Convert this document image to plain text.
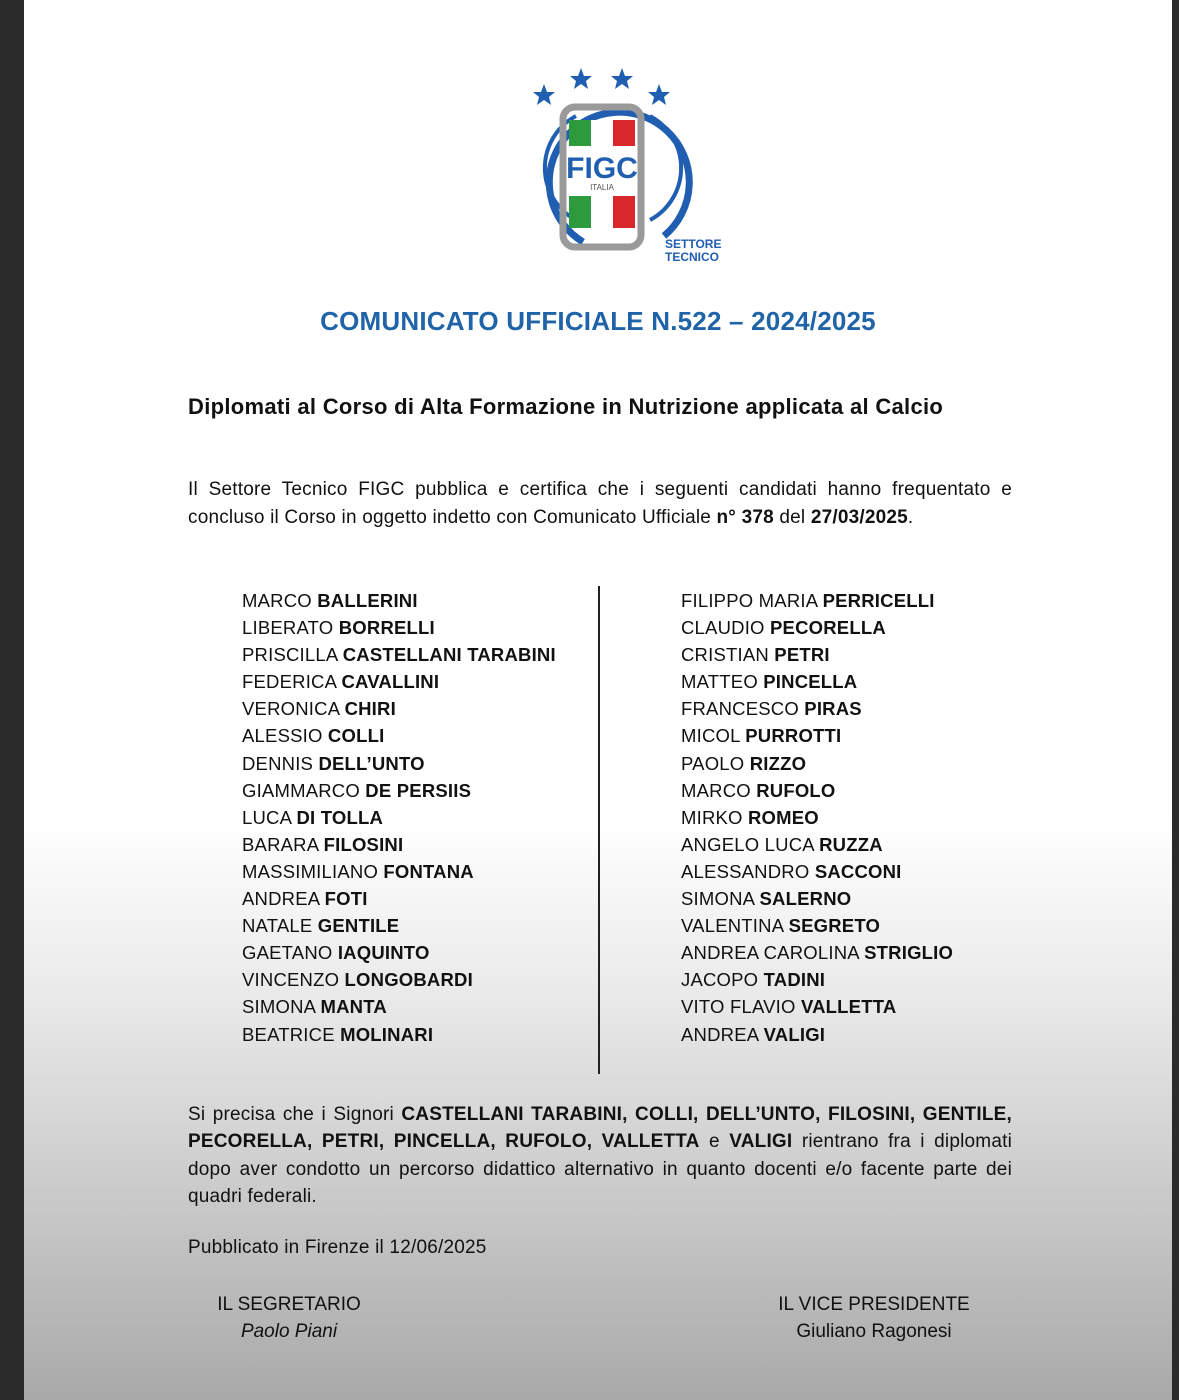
FIGC
ITALIA
SETTORE
TECNICO
COMUNICATO UFFICIALE N.522 – 2024/2025
Diplomati al Corso di Alta Formazione in Nutrizione applicata al Calcio
Il Settore Tecnico FIGC pubblica e certifica che i seguenti candidati hanno frequentato e concluso il Corso in oggetto indetto con Comunicato Ufficiale n° 378 del 27/03/2025.
MARCO BALLERINI
LIBERATO BORRELLI
PRISCILLA CASTELLANI TARABINI
FEDERICA CAVALLINI
VERONICA CHIRI
ALESSIO COLLI
DENNIS DELL’UNTO
GIAMMARCO DE PERSIIS
LUCA DI TOLLA
BARARA FILOSINI
MASSIMILIANO FONTANA
ANDREA FOTI
NATALE GENTILE
GAETANO IAQUINTO
VINCENZO LONGOBARDI
SIMONA MANTA
BEATRICE MOLINARI
FILIPPO MARIA PERRICELLI
CLAUDIO PECORELLA
CRISTIAN PETRI
MATTEO PINCELLA
FRANCESCO PIRAS
MICOL PURROTTI
PAOLO RIZZO
MARCO RUFOLO
MIRKO ROMEO
ANGELO LUCA RUZZA
ALESSANDRO SACCONI
SIMONA SALERNO
VALENTINA SEGRETO
ANDREA CAROLINA STRIGLIO
JACOPO TADINI
VITO FLAVIO VALLETTA
ANDREA VALIGI
Si precisa che i Signori CASTELLANI TARABINI, COLLI, DELL’UNTO, FILOSINI, GENTILE, PECORELLA, PETRI, PINCELLA, RUFOLO, VALLETTA e VALIGI rientrano fra i diplomati dopo aver condotto un percorso didattico alternativo in quanto docenti e/o facente parte dei quadri federali.
Pubblicato in Firenze il 12/06/2025
IL SEGRETARIO
Paolo Piani
IL VICE PRESIDENTE
Giuliano Ragonesi
